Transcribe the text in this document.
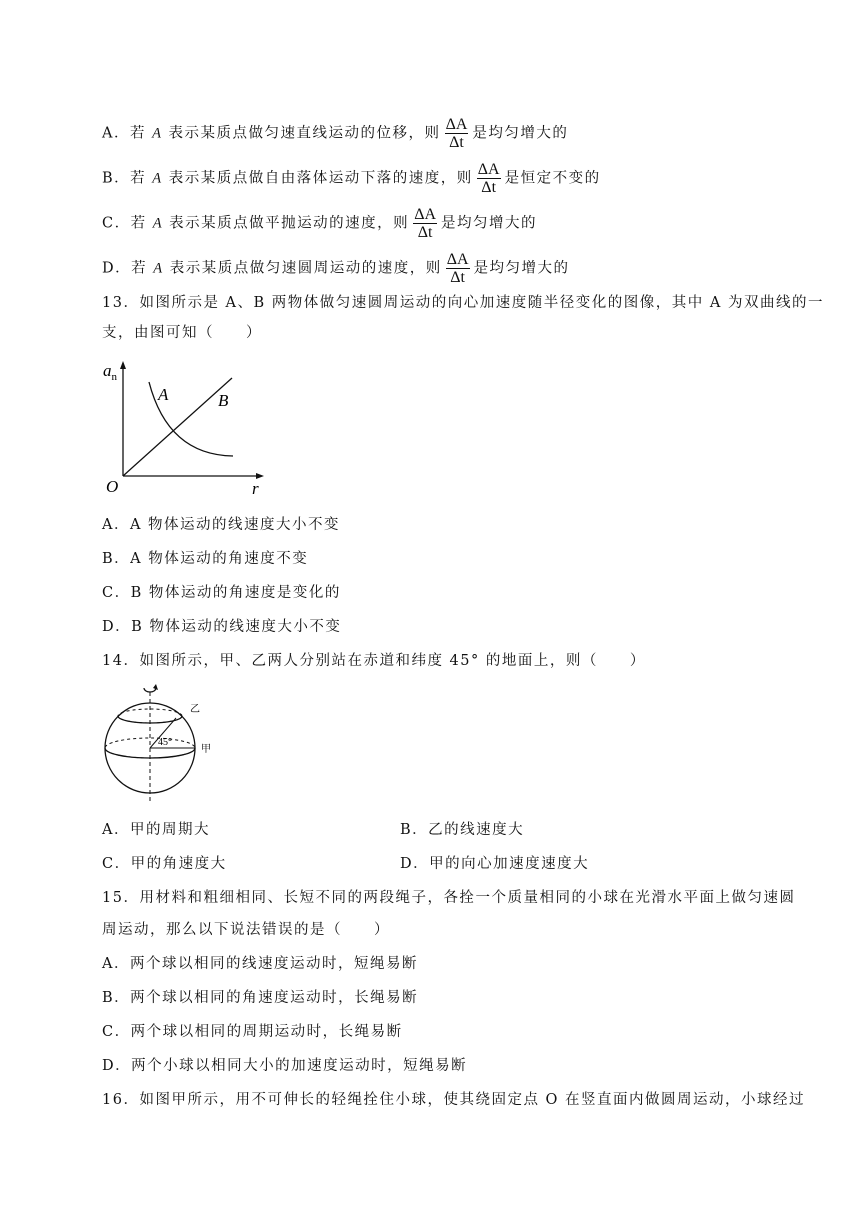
A．若 A 表示某质点做匀速直线运动的位移，则 $\frac{\Delta A}{\Delta t}$ 是均匀增大的
B．若 A 表示某质点做自由落体运动下落的速度，则 $\frac{\Delta A}{\Delta t}$ 是恒定不变的
C．若 A 表示某质点做平抛运动的速度，则 $\frac{\Delta A}{\Delta t}$ 是均匀增大的
D．若 A 表示某质点做匀速圆周运动的速度，则 $\frac{\Delta A}{\Delta t}$ 是均匀增大的
13．如图所示是 A、B 两物体做匀速圆周运动的向心加速度随半径变化的图像，其中 A 为双曲线的一
支，由图可知（　　）
$a_n$
A	B
O	r
A．A 物体运动的线速度大小不变
B．A 物体运动的角速度不变
C．B 物体运动的角速度是变化的
D．B 物体运动的线速度大小不变
14．如图所示，甲、乙两人分别站在赤道和纬度 45° 的地面上，则（　　）
45°
乙
甲
A．甲的周期大	B．乙的线速度大
C．甲的角速度大	D．甲的向心加速度速度大
15．用材料和粗细相同、长短不同的两段绳子，各拴一个质量相同的小球在光滑水平面上做匀速圆
周运动，那么以下说法错误的是（　　）
A．两个球以相同的线速度运动时，短绳易断
B．两个球以相同的角速度运动时，长绳易断
C．两个球以相同的周期运动时，长绳易断
D．两个小球以相同大小的加速度运动时，短绳易断
16．如图甲所示，用不可伸长的轻绳拴住小球，使其绕固定点 O 在竖直面内做圆周运动，小球经过
